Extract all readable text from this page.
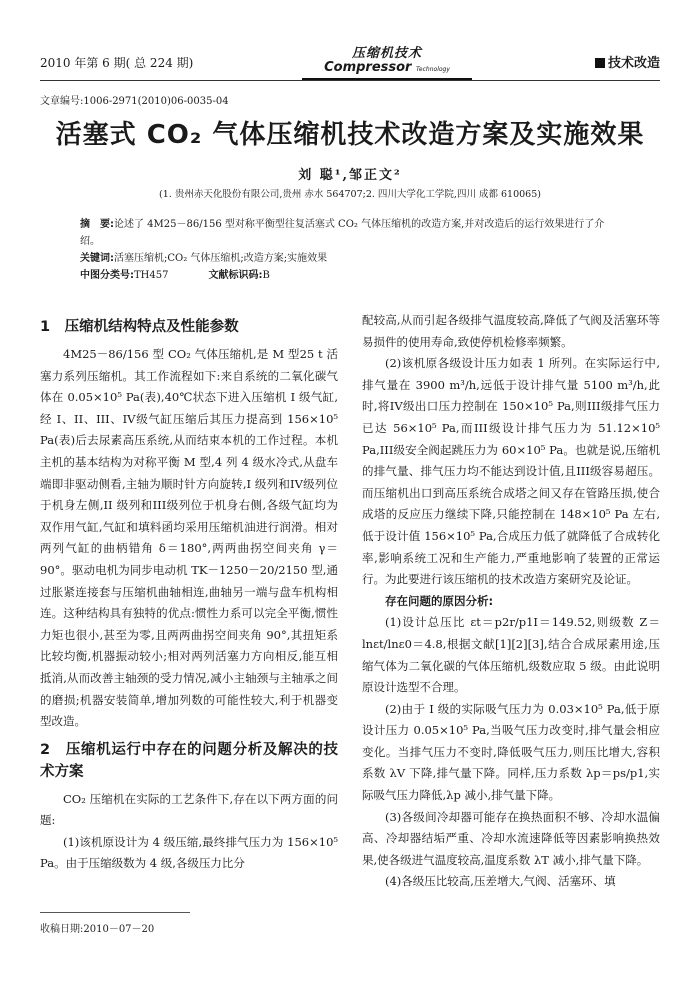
2010 年第 6 期( 总 224 期)
压缩机技术
Compressor Technology	技术改造
文章编号:1006-2971(2010)06-0035-04
活塞式 CO₂ 气体压缩机技术改造方案及实施效果
刘 聪¹,邹正文²
(1. 贵州赤天化股份有限公司,贵州 赤水 564707;2. 四川大学化工学院,四川 成都 610065)
摘　要:论述了 4M25－86/156 型对称平衡型往复活塞式 CO₂ 气体压缩机的改造方案,并对改造后的运行效果进行了介绍。
关键词:活塞压缩机;CO₂ 气体压缩机;改造方案;实施效果
中图分类号:TH457	文献标识码:B
1　压缩机结构特点及性能参数

4M25－86/156 型 CO₂ 气体压缩机,是 M 型25 t 活塞力系列压缩机。其工作流程如下:来自系统的二氧化碳气体在 0.05×10⁵ Pa(表),40℃状态下进入压缩机 I 级气缸,经 I、II、III、IV级气缸压缩后其压力提高到 156×10⁵ Pa(表)后去尿素高压系统,从而结束本机的工作过程。本机主机的基本结构为对称平衡 M 型,4 列 4 级水冷式,从盘车端即非驱动侧看,主轴为顺时针方向旋转,I 级列和IV级列位于机身左侧,II 级列和III级列位于机身右侧,各级气缸均为双作用气缸,气缸和填料函均采用压缩机油进行润滑。相对两列气缸的曲柄错角 δ＝180°,两两曲拐空间夹角 γ＝90°。驱动电机为同步电动机 TK－1250－20/2150 型,通过胀紧连接套与压缩机曲轴相连,曲轴另一端与盘车机构相连。这种结构具有独特的优点:惯性力系可以完全平衡,惯性力矩也很小,甚至为零,且两两曲拐空间夹角 90°,其扭矩系比较均衡,机器振动较小;相对两列活塞力方向相反,能互相抵消,从而改善主轴颈的受力情况,减小主轴颈与主轴承之间的磨损;机器安装简单,增加列数的可能性较大,利于机器变型改造。

2　压缩机运行中存在的问题分析及解决的技术方案

CO₂ 压缩机在实际的工艺条件下,存在以下两方面的问题:

(1)该机原设计为 4 级压缩,最终排气压力为 156×10⁵ Pa。由于压缩级数为 4 级,各级压力比分

配较高,从而引起各级排气温度较高,降低了气阀及活塞环等易损件的使用寿命,致使停机检修率频繁。

(2)该机原各级设计压力如表 1 所列。在实际运行中,排气量在 3900 m³/h,远低于设计排气量 5100 m³/h,此时,将IV级出口压力控制在 150×10⁵ Pa,则III级排气压力已达 56×10⁵ Pa,而III级设计排气压力为 51.12×10⁵ Pa,III级安全阀起跳压力为 60×10⁵ Pa。也就是说,压缩机的排气量、排气压力均不能达到设计值,且III级容易超压。而压缩机出口到高压系统合成塔之间又存在管路压损,使合成塔的反应压力继续下降,只能控制在 148×10⁵ Pa 左右,低于设计值 156×10⁵ Pa,合成压力低了就降低了合成转化率,影响系统工况和生产能力,严重地影响了装置的正常运行。为此要进行该压缩机的技术改造方案研究及论证。

存在问题的原因分析:

(1)设计总压比 εt＝p2r/p1I＝149.52,则级数 Z＝lnεt/lnε0＝4.8,根据文献[1][2][3],结合合成尿素用途,压缩气体为二氧化碳的气体压缩机,级数应取 5 级。由此说明原设计选型不合理。

(2)由于 I 级的实际吸气压力为 0.03×10⁵ Pa,低于原设计压力 0.05×10⁵ Pa,当吸气压力改变时,排气量会相应变化。当排气压力不变时,降低吸气压力,则压比增大,容积系数 λV 下降,排气量下降。同样,压力系数 λp＝ps/p1,实际吸气压力降低,λp 减小,排气量下降。

(3)各级间冷却器可能存在换热面积不够、冷却水温偏高、冷却器结垢严重、冷却水流速降低等因素影响换热效果,使各级进气温度较高,温度系数 λT 减小,排气量下降。

(4)各级压比较高,压差增大,气阀、活塞环、填

收稿日期:2010－07－20
